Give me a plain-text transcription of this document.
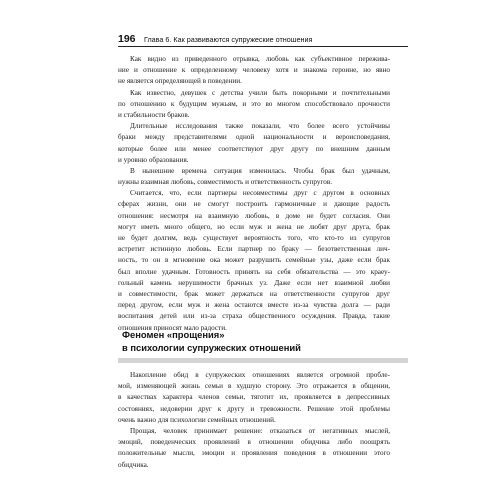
196 Глава 6. Как развиваются супружеские отношения
Как видно из приведенного отрывка, любовь как субъективное пережива-
ние и отношение к определенному человеку хотя и знакома героине, но явно
не является определяющей в поведении.
Как известно, девушек с детства учили быть покорными и почтительными
по отношению к будущим мужьям, и это во многом способствовало прочности
и стабильности браков.
Длительные исследования также показали, что более всего устойчивы
браки между представителями одной национальности и вероисповедания,
которые более или менее соответствуют друг другу по внешним данным
и уровню образования.
В нынешние времена ситуация изменилась. Чтобы брак был удачным,
нужны взаимная любовь, совместимость и ответственность супругов.
Считается, что, если партнеры несовместимы друг с другом в основных
сферах жизни, они не смогут построить гармоничные и дающие радость
отношения: несмотря на взаимную любовь, в доме не будет согласия. Они
могут иметь много общего, но если муж и жена не любят друг друга, брак
не будет долгим, ведь существует вероятность того, что кто-то из супругов
встретит истинную любовь. Если партнер по браку — безответственная лич-
ность, то он в мгновение ока может разрушить семейные узы, даже если брак
был вполне удачным. Готовность принять на себя обязательства — это краеу-
гольный камень нерушимости брачных уз. Даже если нет взаимной любви
и совместимости, брак может держаться на ответственности супругов друг
перед другом, если муж и жена остаются вместе из-за чувства долга — ради
воспитания детей или из-за страха общественного осуждения. Правда, такие
отношения приносят мало радости.
Феномен «прощения»
в психологии супружеских отношений
Накопление обид в супружеских отношениях является огромной пробле-
мой, изменяющей жизнь семьи в худшую сторону. Это отражается в общении,
в качествах характера членов семьи, тяготит их, проявляется в депрессивных
состояниях, недоверии друг к другу и тревожности. Решение этой проблемы
очень важно для психологии семейных отношений.
Прощая, человек принимает решение: отказаться от негативных мыслей,
эмоций, поведенческих проявлений в отношении обидчика либо поощрять
положительные мысли, эмоции и проявления поведения в отношении этого
обидчика.
